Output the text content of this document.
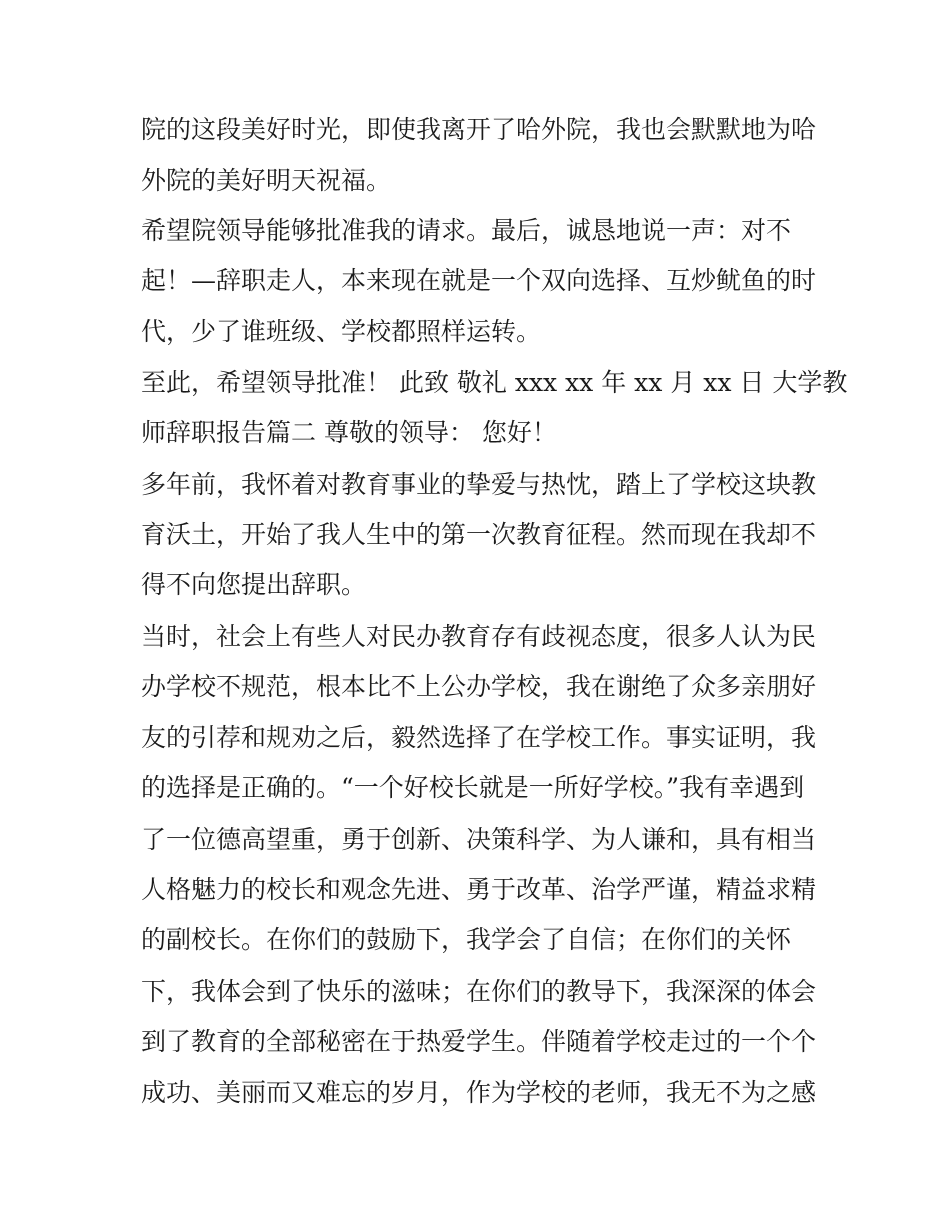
院的这段美好时光，即使我离开了哈外院，我也会默默地为哈
外院的美好明天祝福。
希望院领导能够批准我的请求。最后，诚恳地说一声：对不
起！—辞职走人，本来现在就是一个双向选择、互炒鱿鱼的时
代，少了谁班级、学校都照样运转。
至此，希望领导批准！ 此致 敬礼 xxx xx 年 xx 月 xx 日 大学教
师辞职报告篇二 尊敬的领导： 您好！
多年前，我怀着对教育事业的挚爱与热忱，踏上了学校这块教
育沃土，开始了我人生中的第一次教育征程。然而现在我却不
得不向您提出辞职。
当时，社会上有些人对民办教育存有歧视态度，很多人认为民
办学校不规范，根本比不上公办学校，我在谢绝了众多亲朋好
友的引荐和规劝之后，毅然选择了在学校工作。事实证明，我
的选择是正确的。“一个好校长就是一所好学校。”我有幸遇到
了一位德高望重，勇于创新、决策科学、为人谦和，具有相当
人格魅力的校长和观念先进、勇于改革、治学严谨，精益求精
的副校长。在你们的鼓励下，我学会了自信；在你们的关怀
下，我体会到了快乐的滋味；在你们的教导下，我深深的体会
到了教育的全部秘密在于热爱学生。伴随着学校走过的一个个
成功、美丽而又难忘的岁月，作为学校的老师，我无不为之感
